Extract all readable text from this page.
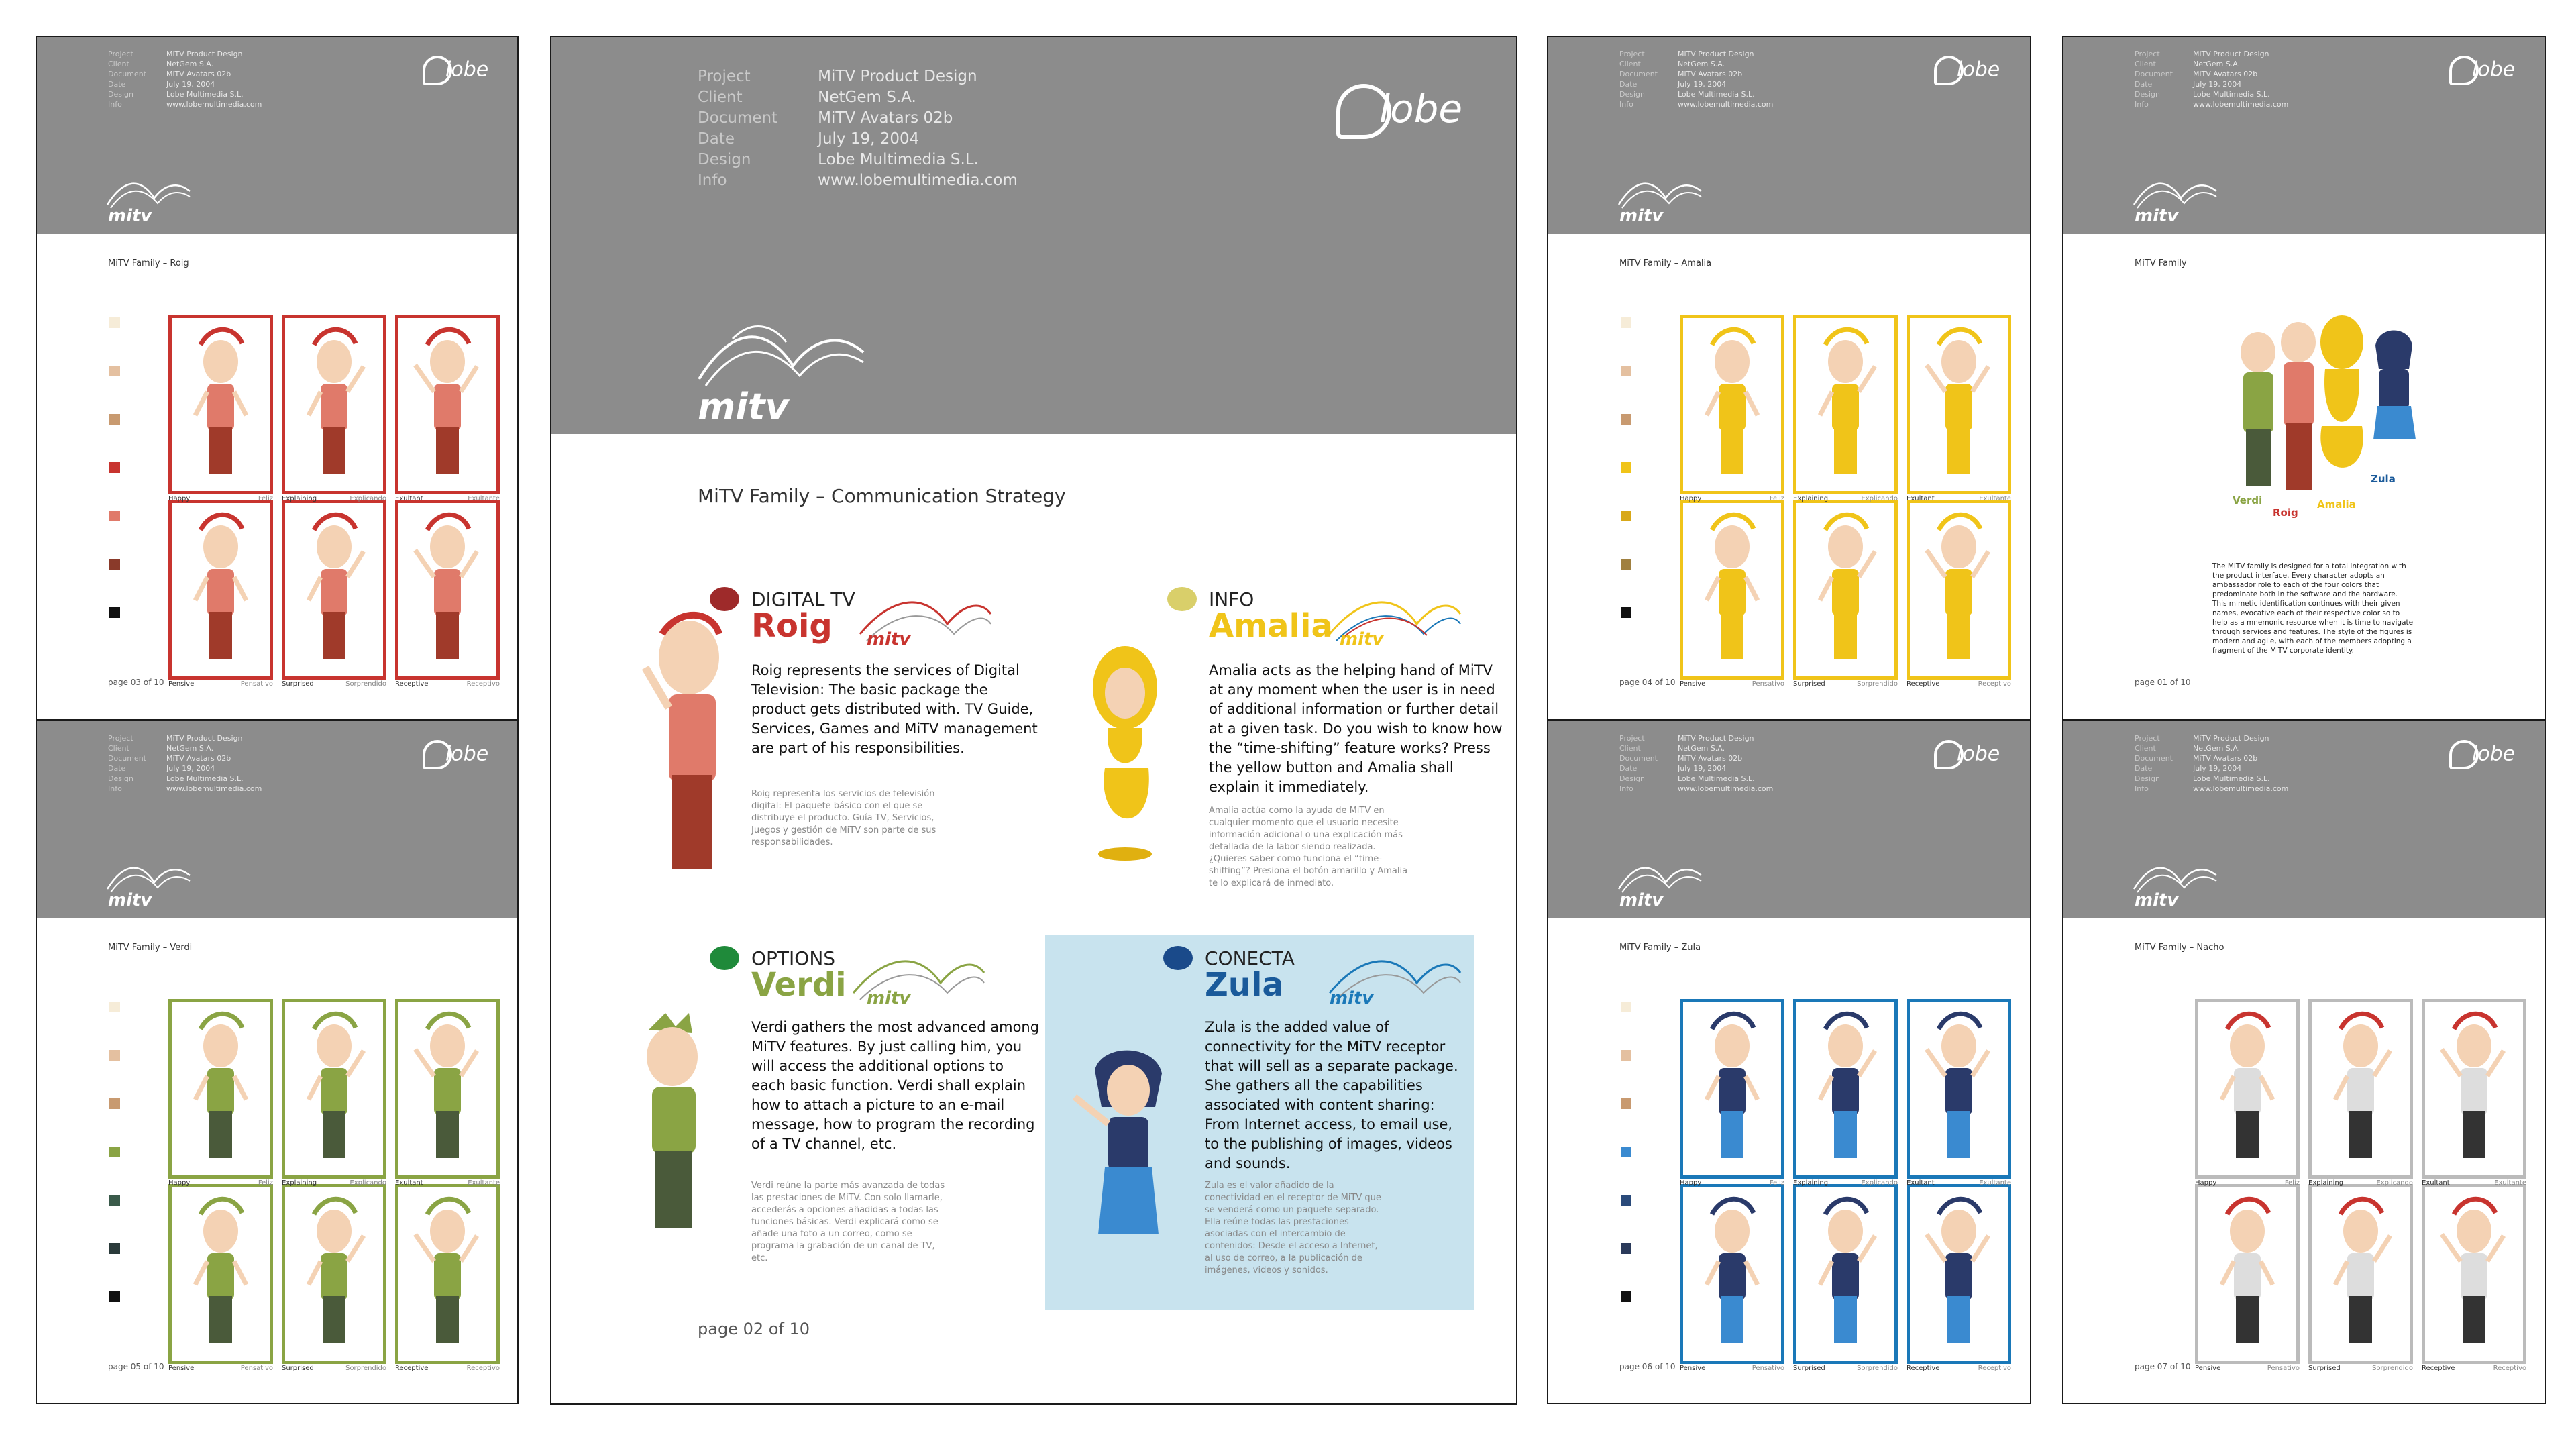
Project	MiTV Product Design
Client	NetGem S.A.
Document	MiTV Avatars 02b
Date	July 19, 2004
Design	Lobe Multimedia S.L.
Info	www.lobemultimedia.com
lobe
mitv
MiTV Family – Communication Strategy
DIGITAL TV
Roig mitv
Roig represents the services of Digital Television: The basic package the product gets distributed with. TV Guide, Services, Games and MiTV management are part of his responsibilities.
Roig representa los servicios de televisión digital: El paquete básico con el que se distribuye el producto. Guía TV, Servicios, Juegos y gestión de MiTV son parte de sus responsabilidades.
INFO
Amalia mitv
Amalia acts as the helping hand of MiTV at any moment when the user is in need of additional information or further detail at a given task. Do you wish to know how the “time-shifting” feature works? Press the yellow button and Amalia shall explain it immediately.
Amalia actúa como la ayuda de MiTV en cualquier momento que el usuario necesite información adicional o una explicación más detallada de la labor siendo realizada. ¿Quieres saber como funciona el “time-shifting”? Presiona el botón amarillo y Amalia te lo explicará de inmediato.
OPTIONS
Verdi mitv
Verdi gathers the most advanced among MiTV features. By just calling him, you will access the additional options to each basic function. Verdi shall explain how to attach a picture to an e-mail message, how to program the recording of a TV channel, etc.
Verdi reúne la parte más avanzada de todas las prestaciones de MiTV. Con solo llamarle, accederás a opciones añadidas a todas las funciones básicas. Verdi explicará como se añade una foto a un correo, como se programa la grabación de un canal de TV, etc.
CONECTA
Zula	mitv
Zula is the added value of connectivity for the MiTV receptor that will sell as a separate package. She gathers all the capabilities associated with content sharing: From Internet access, to email use, to the publishing of images, videos and sounds.
Zula es el valor añadido de la conectividad en el receptor de MiTV que se venderá como un paquete separado. Ella reúne todas las prestaciones asociadas con el intercambio de contenidos: Desde el acceso a Internet, al uso de correo, a la publicación de imágenes, videos y sonidos.
page 02 of 10
Project	MiTV Product Design
Client	NetGem S.A.
Document	MiTV Avatars 02b
Date	July 19, 2004
Design	Lobe Multimedia S.L.
Info	www.lobemultimedia.com
lobe
mitv
MiTV Family – Roig
page 03 of 10
Happy	Feliz Explaining	Explicando Exultant	Exultante
Pensive	Pensativo Surprised	Sorprendido Receptive	Receptivo
Project	MiTV Product Design
Client	NetGem S.A.
Document	MiTV Avatars 02b
Date	July 19, 2004
Design	Lobe Multimedia S.L.
Info	www.lobemultimedia.com
lobe
mitv
MiTV Family – Verdi
page 05 of 10
Happy	Feliz Explaining	Explicando Exultant	Exultante
Pensive	Pensativo Surprised	Sorprendido Receptive	Receptivo
Project	MiTV Product Design
Client	NetGem S.A.
Document	MiTV Avatars 02b
Date	July 19, 2004
Design	Lobe Multimedia S.L.
Info	www.lobemultimedia.com
lobe
mitv
MiTV Family – Amalia
page 04 of 10
Happy	Feliz Explaining	Explicando Exultant	Exultante
Pensive	Pensativo Surprised	Sorprendido Receptive	Receptivo
Project	MiTV Product Design
Client	NetGem S.A.
Document	MiTV Avatars 02b
Date	July 19, 2004
Design	Lobe Multimedia S.L.
Info	www.lobemultimedia.com
lobe
mitv
MiTV Family – Zula
page 06 of 10
Happy	Feliz Explaining	Explicando Exultant	Exultante
Pensive	Pensativo Surprised	Sorprendido Receptive	Receptivo
Project	MiTV Product Design
Client	NetGem S.A.
Document	MiTV Avatars 02b
Date	July 19, 2004
Design	Lobe Multimedia S.L.
Info	www.lobemultimedia.com
lobe
mitv
MiTV Family
Verdi
Roig
Amalia
Zula
The MiTV family is designed for a total integration with the product interface. Every character adopts an ambassador role to each of the four colors that predominate both in the software and the hardware. This mimetic identification continues with their given names, evocative each of their respective color so to help as a mnemonic resource when it is time to navigate through services and features. The style of the figures is modern and agile, with each of the members adopting a fragment of the MiTV corporate identity.
page 01 of 10
Project	MiTV Product Design
Client	NetGem S.A.
Document	MiTV Avatars 02b
Date	July 19, 2004
Design	Lobe Multimedia S.L.
Info	www.lobemultimedia.com
lobe
mitv
MiTV Family – Nacho
page 07 of 10
Happy	Feliz Explaining	Explicando Exultant	Exultante
Pensive	Pensativo Surprised	Sorprendido Receptive	Receptivo
